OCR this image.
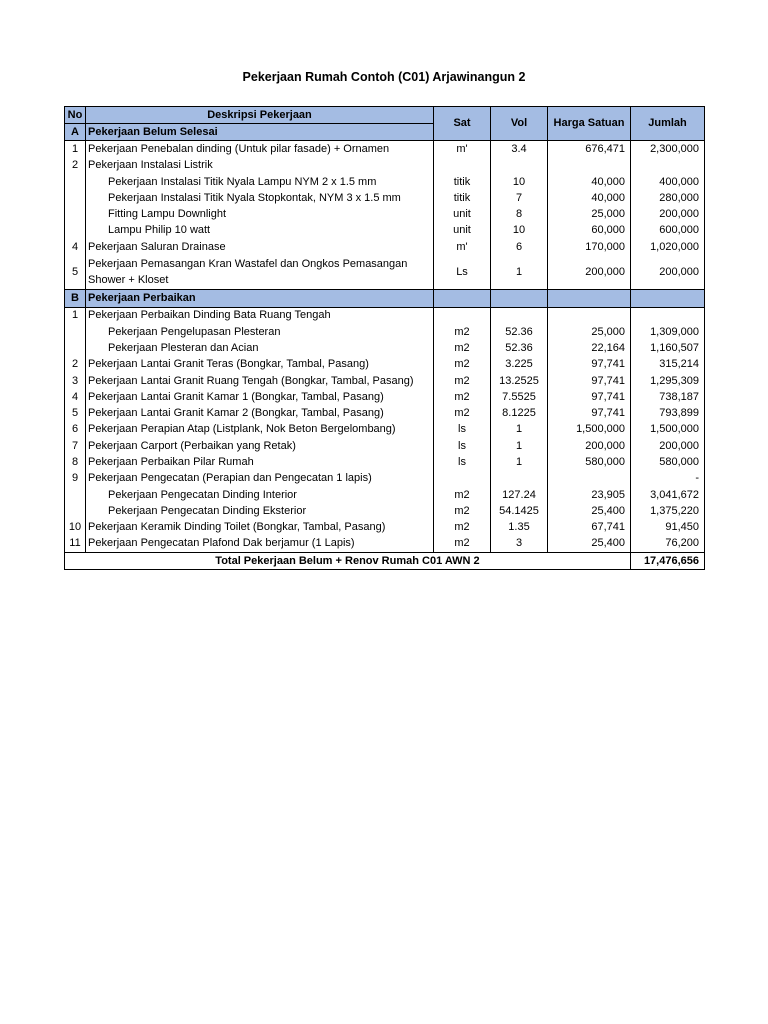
Pekerjaan Rumah Contoh (C01) Arjawinangun 2
No	Deskripsi Pekerjaan	Sat	Vol	Harga Satuan	Jumlah
A	Pekerjaan Belum Selesai				
1	Pekerjaan Penebalan dinding (Untuk pilar fasade) + Ornamen	m'	3.4	676,471	2,300,000
2	Pekerjaan Instalasi Listrik				
	Pekerjaan Instalasi Titik Nyala Lampu NYM 2 x 1.5 mm	titik	10	40,000	400,000
	Pekerjaan Instalasi Titik Nyala Stopkontak, NYM 3 x 1.5 mm	titik	7	40,000	280,000
	Fitting Lampu Downlight	unit	8	25,000	200,000
	Lampu Philip 10 watt	unit	10	60,000	600,000
4	Pekerjaan Saluran Drainase	m'	6	170,000	1,020,000
5	Pekerjaan Pemasangan Kran Wastafel dan Ongkos Pemasangan Shower + Kloset	Ls	1	200,000	200,000
B	Pekerjaan Perbaikan				
1	Pekerjaan Perbaikan Dinding Bata Ruang Tengah				
	Pekerjaan Pengelupasan Plesteran	m2	52.36	25,000	1,309,000
	Pekerjaan Plesteran dan Acian	m2	52.36	22,164	1,160,507
2	Pekerjaan Lantai Granit Teras (Bongkar, Tambal, Pasang)	m2	3.225	97,741	315,214
3	Pekerjaan Lantai Granit Ruang Tengah (Bongkar, Tambal, Pasang)	m2	13.2525	97,741	1,295,309
4	Pekerjaan Lantai Granit Kamar 1 (Bongkar, Tambal, Pasang)	m2	7.5525	97,741	738,187
5	Pekerjaan Lantai Granit Kamar 2 (Bongkar, Tambal, Pasang)	m2	8.1225	97,741	793,899
6	Pekerjaan Perapian Atap (Listplank, Nok Beton Bergelombang)	ls	1	1,500,000	1,500,000
7	Pekerjaan Carport (Perbaikan yang Retak)	ls	1	200,000	200,000
8	Pekerjaan Perbaikan Pilar Rumah	ls	1	580,000	580,000
9	Pekerjaan Pengecatan (Perapian dan Pengecatan 1 lapis)				-
	Pekerjaan Pengecatan Dinding Interior	m2	127.24	23,905	3,041,672
	Pekerjaan Pengecatan Dinding Eksterior	m2	54.1425	25,400	1,375,220
10	Pekerjaan Keramik Dinding Toilet (Bongkar, Tambal, Pasang)	m2	1.35	67,741	91,450
11	Pekerjaan Pengecatan Plafond Dak berjamur (1 Lapis)	m2	3	25,400	76,200
Total Pekerjaan Belum + Renov Rumah C01 AWN 2					17,476,656
